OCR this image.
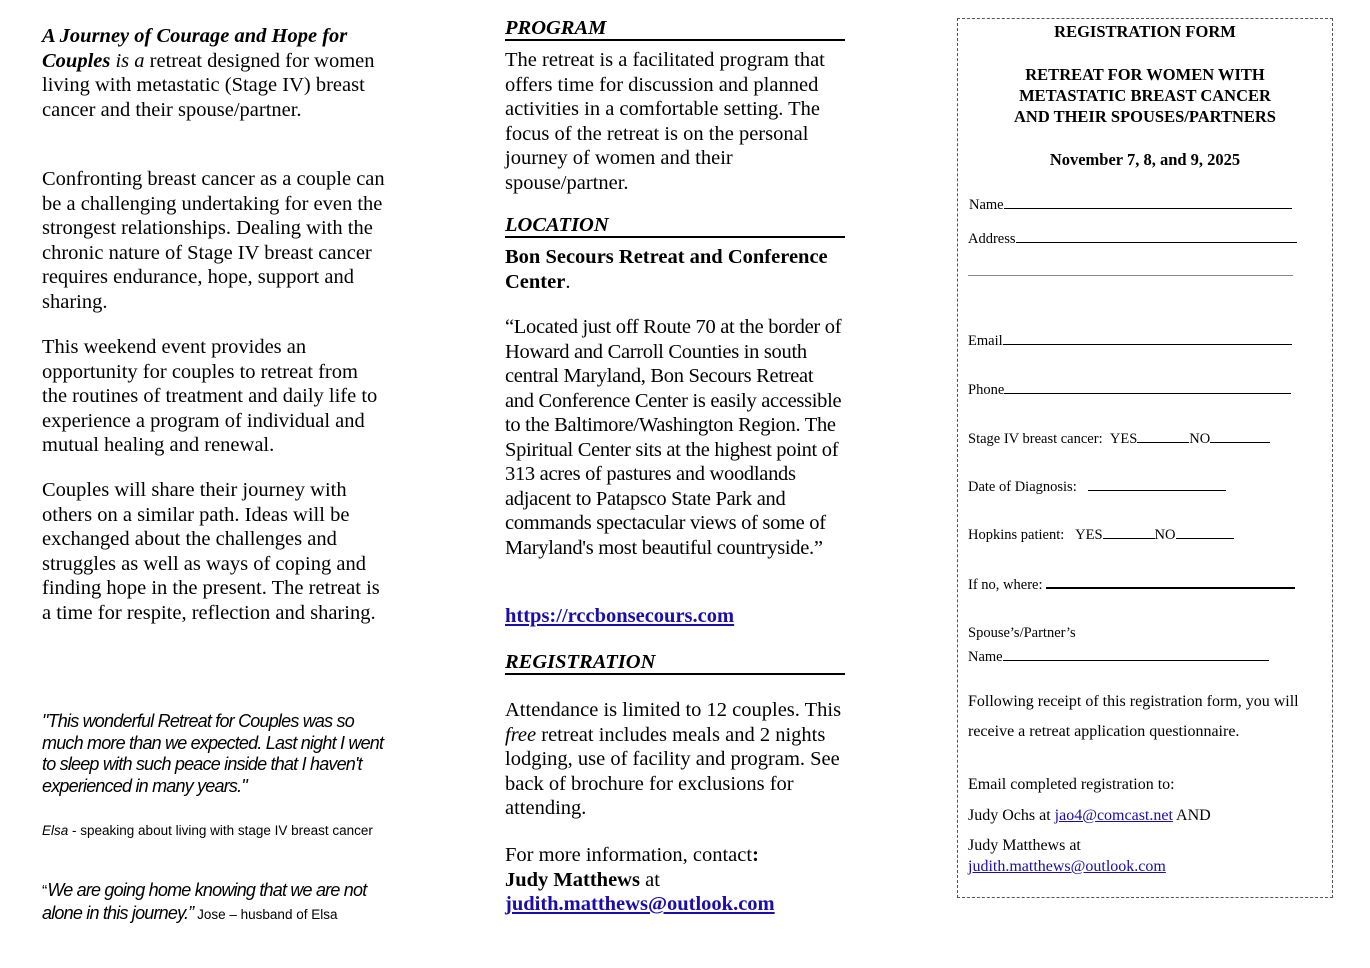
A Journey of Courage and Hope for Couples is a retreat designed for women living with metastatic (Stage IV) breast cancer and their spouse/partner.

Confronting breast cancer as a couple can be a challenging undertaking for even the strongest relationships. Dealing with the chronic nature of Stage IV breast cancer requires endurance, hope, support and sharing.

This weekend event provides an opportunity for couples to retreat from the routines of treatment and daily life to experience a program of individual and mutual healing and renewal.

Couples will share their journey with others on a similar path. Ideas will be exchanged about the challenges and struggles as well as ways of coping and finding hope in the present. The retreat is a time for respite, reflection and sharing.

"This wonderful Retreat for Couples was so much more than we expected. Last night I went to sleep with such peace inside that I haven't experienced in many years."

Elsa - speaking about living with stage IV breast cancer

“We are going home knowing that we are not alone in this journey.” Jose – husband of Elsa

PROGRAM

The retreat is a facilitated program that offers time for discussion and planned activities in a comfortable setting. The focus of the retreat is on the personal journey of women and their spouse/partner.

LOCATION

Bon Secours Retreat and Conference Center.

“Located just off Route 70 at the border of Howard and Carroll Counties in south central Maryland, Bon Secours Retreat and Conference Center is easily accessible to the Baltimore/Washington Region. The Spiritual Center sits at the highest point of 313 acres of pastures and woodlands adjacent to Patapsco State Park and commands spectacular views of some of Maryland's most beautiful countryside.”

https://rccbonsecours.com

REGISTRATION

Attendance is limited to 12 couples. This free retreat includes meals and 2 nights lodging, use of facility and program. See back of brochure for exclusions for attending.

For more information, contact:
Judy Matthews at
judith.matthews@outlook.com

REGISTRATION FORM
RETREAT FOR WOMEN WITH
METASTATIC BREAST CANCER
AND THEIR SPOUSES/PARTNERS
November 7, 8, and 9, 2025
Name
Address
Email
Phone
Stage IV breast cancer: YES	NO
Date of Diagnosis:
Hopkins patient: YES	NO
If no, where:
Spouse’s/Partner’s
Name
Following receipt of this registration form, you will receive a retreat application questionnaire.
Email completed registration to:
Judy Ochs at jao4@comcast.net AND
Judy Matthews at
judith.matthews@outlook.com
